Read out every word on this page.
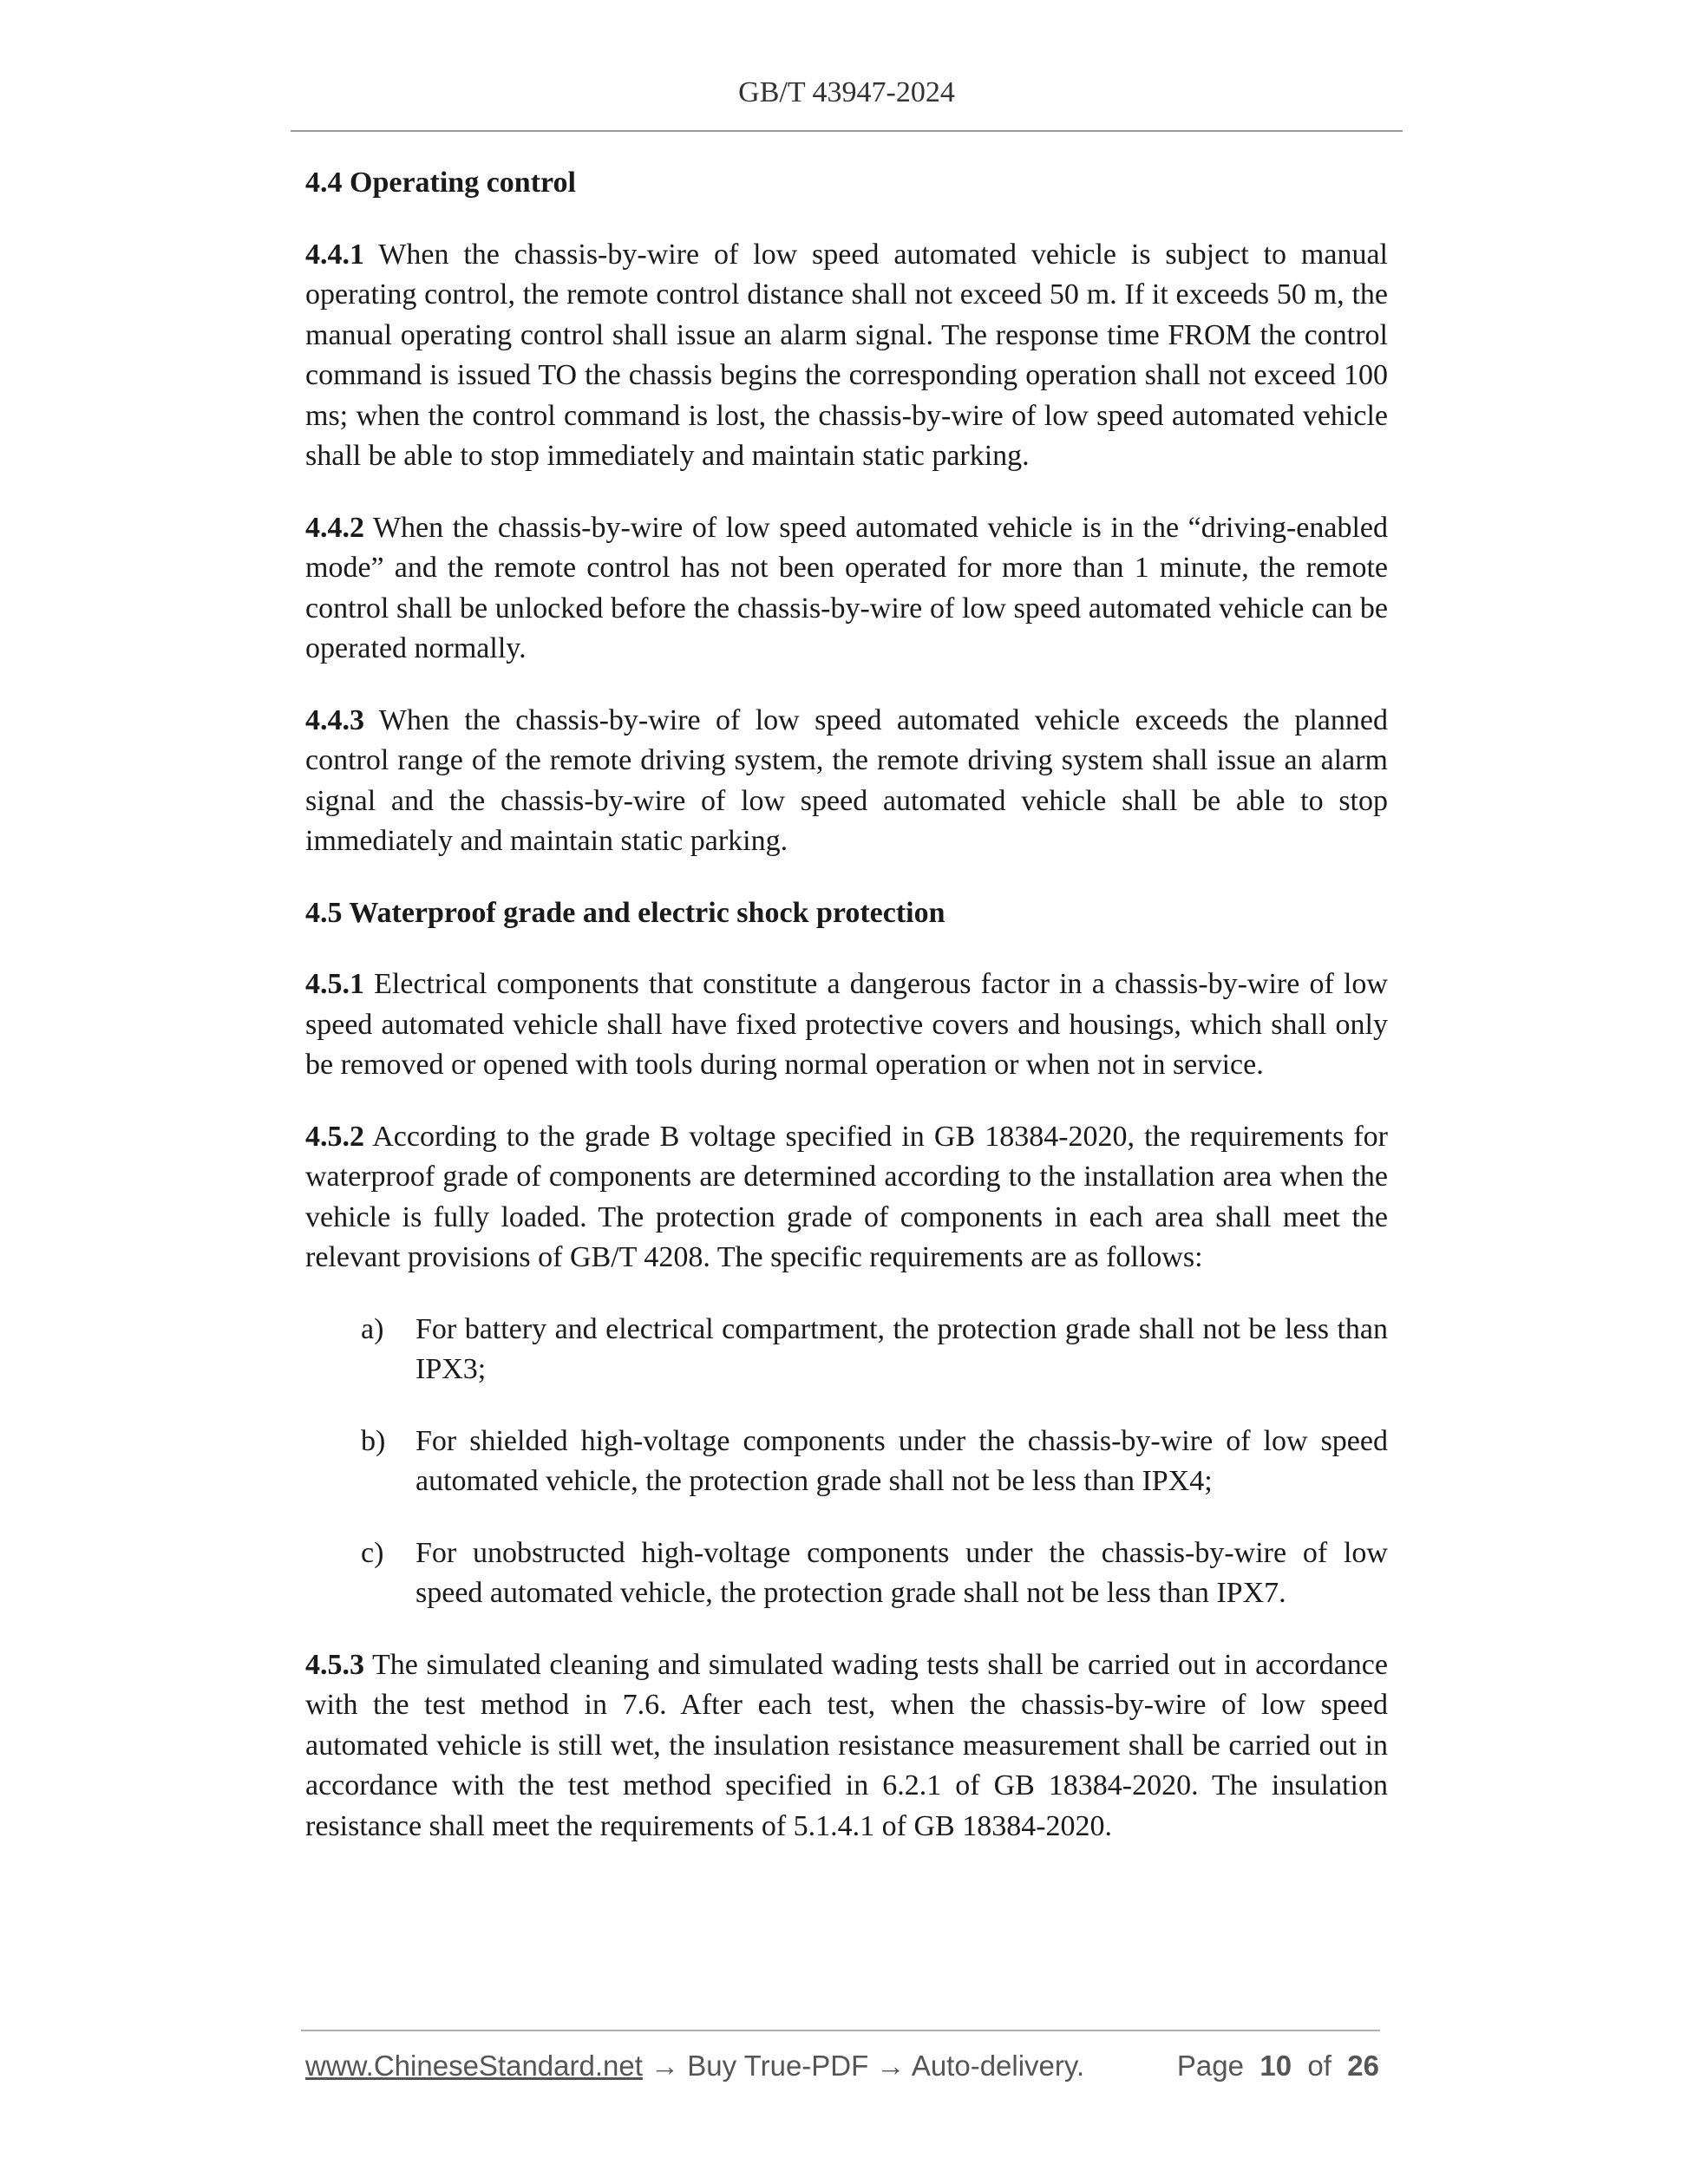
GB/T 43947-2024
4.4 Operating control
4.4.1 When the chassis-by-wire of low speed automated vehicle is subject to manual operating control, the remote control distance shall not exceed 50 m. If it exceeds 50 m, the manual operating control shall issue an alarm signal. The response time FROM the control command is issued TO the chassis begins the corresponding operation shall not exceed 100 ms; when the control command is lost, the chassis-by-wire of low speed automated vehicle shall be able to stop immediately and maintain static parking.
4.4.2 When the chassis-by-wire of low speed automated vehicle is in the “driving-enabled mode” and the remote control has not been operated for more than 1 minute, the remote control shall be unlocked before the chassis-by-wire of low speed automated vehicle can be operated normally.
4.4.3 When the chassis-by-wire of low speed automated vehicle exceeds the planned control range of the remote driving system, the remote driving system shall issue an alarm signal and the chassis-by-wire of low speed automated vehicle shall be able to stop immediately and maintain static parking.
4.5 Waterproof grade and electric shock protection
4.5.1 Electrical components that constitute a dangerous factor in a chassis-by-wire of low speed automated vehicle shall have fixed protective covers and housings, which shall only be removed or opened with tools during normal operation or when not in service.
4.5.2 According to the grade B voltage specified in GB 18384-2020, the requirements for waterproof grade of components are determined according to the installation area when the vehicle is fully loaded. The protection grade of components in each area shall meet the relevant provisions of GB/T 4208. The specific requirements are as follows:
a)	For battery and electrical compartment, the protection grade shall not be less than IPX3;
b)	For shielded high-voltage components under the chassis-by-wire of low speed automated vehicle, the protection grade shall not be less than IPX4;
c)	For unobstructed high-voltage components under the chassis-by-wire of low speed automated vehicle, the protection grade shall not be less than IPX7.
4.5.3 The simulated cleaning and simulated wading tests shall be carried out in accordance with the test method in 7.6. After each test, when the chassis-by-wire of low speed automated vehicle is still wet, the insulation resistance measurement shall be carried out in accordance with the test method specified in 6.2.1 of GB 18384-2020. The insulation resistance shall meet the requirements of 5.1.4.1 of GB 18384-2020.
www.ChineseStandard.net → Buy True-PDF → Auto-delivery.	Page 10 of 26
